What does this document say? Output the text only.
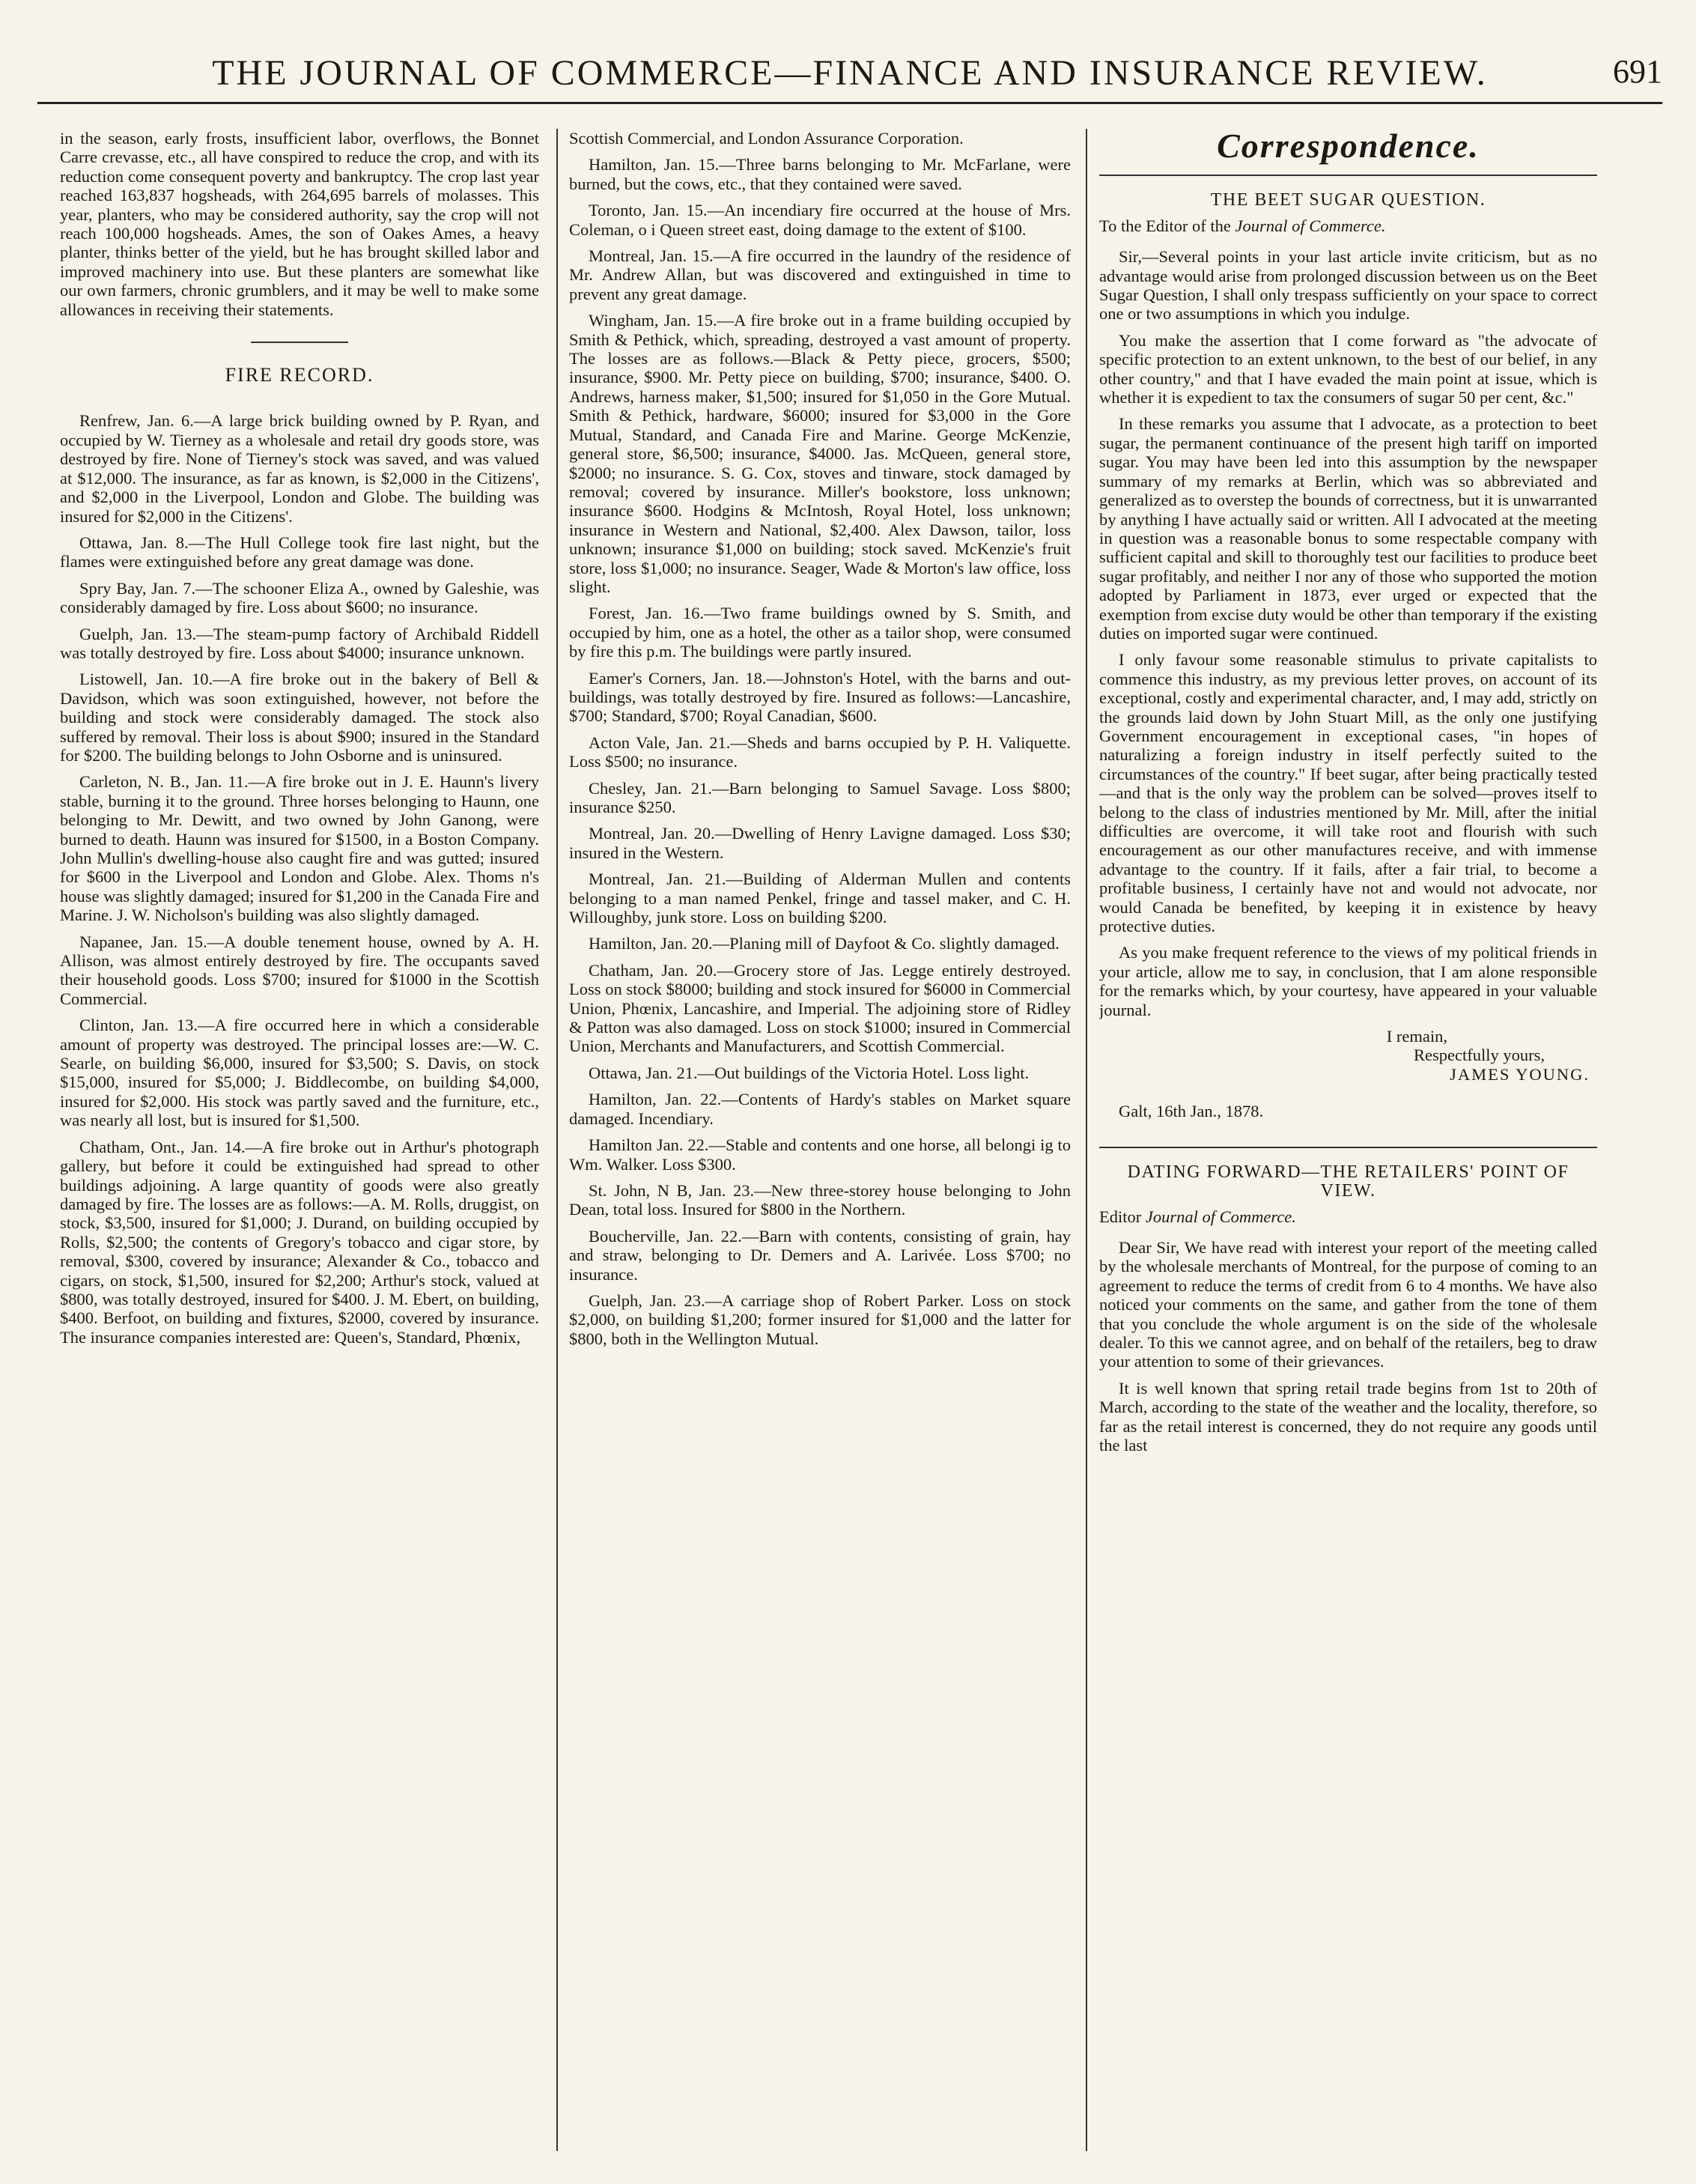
THE JOURNAL OF COMMERCE—FINANCE AND INSURANCE REVIEW.	691

in the season, early frosts, insufficient labor, overflows, the Bonnet Carre crevasse, etc., all have conspired to reduce the crop, and with its reduction come consequent poverty and bankruptcy. The crop last year reached 163,837 hogsheads, with 264,695 barrels of molasses. This year, planters, who may be considered authority, say the crop will not reach 100,000 hogsheads. Ames, the son of Oakes Ames, a heavy planter, thinks better of the yield, but he has brought skilled labor and improved machinery into use. But these planters are somewhat like our own farmers, chronic grumblers, and it may be well to make some allowances in receiving their statements.

FIRE RECORD.

Renfrew, Jan. 6.—A large brick building owned by P. Ryan, and occupied by W. Tierney as a wholesale and retail dry goods store, was destroyed by fire. None of Tierney's stock was saved, and was valued at $12,000. The insurance, as far as known, is $2,000 in the Citizens', and $2,000 in the Liverpool, London and Globe. The building was insured for $2,000 in the Citizens'.

Ottawa, Jan. 8.—The Hull College took fire last night, but the flames were extinguished before any great damage was done.

Spry Bay, Jan. 7.—The schooner Eliza A., owned by Galeshie, was considerably damaged by fire. Loss about $600; no insurance.

Guelph, Jan. 13.—The steam-pump factory of Archibald Riddell was totally destroyed by fire. Loss about $4000; insurance unknown.

Listowell, Jan. 10.—A fire broke out in the bakery of Bell & Davidson, which was soon extinguished, however, not before the building and stock were considerably damaged. The stock also suffered by removal. Their loss is about $900; insured in the Standard for $200. The building belongs to John Osborne and is uninsured.

Carleton, N. B., Jan. 11.—A fire broke out in J. E. Haunn's livery stable, burning it to the ground. Three horses belonging to Haunn, one belonging to Mr. Dewitt, and two owned by John Ganong, were burned to death. Haunn was insured for $1500, in a Boston Company. John Mullin's dwelling-house also caught fire and was gutted; insured for $600 in the Liverpool and London and Globe. Alex. Thoms n's house was slightly damaged; insured for $1,200 in the Canada Fire and Marine. J. W. Nicholson's building was also slightly damaged.

Napanee, Jan. 15.—A double tenement house, owned by A. H. Allison, was almost entirely destroyed by fire. The occupants saved their household goods. Loss $700; insured for $1000 in the Scottish Commercial.

Clinton, Jan. 13.—A fire occurred here in which a considerable amount of property was destroyed. The principal losses are:—W. C. Searle, on building $6,000, insured for $3,500; S. Davis, on stock $15,000, insured for $5,000; J. Biddlecombe, on building $4,000, insured for $2,000. His stock was partly saved and the furniture, etc., was nearly all lost, but is insured for $1,500.

Chatham, Ont., Jan. 14.—A fire broke out in Arthur's photograph gallery, but before it could be extinguished had spread to other buildings adjoining. A large quantity of goods were also greatly damaged by fire. The losses are as follows:—A. M. Rolls, druggist, on stock, $3,500, insured for $1,000; J. Durand, on building occupied by Rolls, $2,500; the contents of Gregory's tobacco and cigar store, by removal, $300, covered by insurance; Alexander & Co., tobacco and cigars, on stock, $1,500, insured for $2,200; Arthur's stock, valued at $800, was totally destroyed, insured for $400. J. M. Ebert, on building, $400. Berfoot, on building and fixtures, $2000, covered by insurance. The insurance companies interested are: Queen's, Standard, Phœnix,

Scottish Commercial, and London Assurance Corporation.

Hamilton, Jan. 15.—Three barns belonging to Mr. McFarlane, were burned, but the cows, etc., that they contained were saved.

Toronto, Jan. 15.—An incendiary fire occurred at the house of Mrs. Coleman, o i Queen street east, doing damage to the extent of $100.

Montreal, Jan. 15.—A fire occurred in the laundry of the residence of Mr. Andrew Allan, but was discovered and extinguished in time to prevent any great damage.

Wingham, Jan. 15.—A fire broke out in a frame building occupied by Smith & Pethick, which, spreading, destroyed a vast amount of property. The losses are as follows.—Black & Petty piece, grocers, $500; insurance, $900. Mr. Petty piece on building, $700; insurance, $400. O. Andrews, harness maker, $1,500; insured for $1,050 in the Gore Mutual. Smith & Pethick, hardware, $6000; insured for $3,000 in the Gore Mutual, Standard, and Canada Fire and Marine. George McKenzie, general store, $6,500; insurance, $4000. Jas. McQueen, general store, $2000; no insurance. S. G. Cox, stoves and tinware, stock damaged by removal; covered by insurance. Miller's bookstore, loss unknown; insurance $600. Hodgins & McIntosh, Royal Hotel, loss unknown; insurance in Western and National, $2,400. Alex Dawson, tailor, loss unknown; insurance $1,000 on building; stock saved. McKenzie's fruit store, loss $1,000; no insurance. Seager, Wade & Morton's law office, loss slight.

Forest, Jan. 16.—Two frame buildings owned by S. Smith, and occupied by him, one as a hotel, the other as a tailor shop, were consumed by fire this p.m. The buildings were partly insured.

Eamer's Corners, Jan. 18.—Johnston's Hotel, with the barns and out-buildings, was totally destroyed by fire. Insured as follows:—Lancashire, $700; Standard, $700; Royal Canadian, $600.

Acton Vale, Jan. 21.—Sheds and barns occupied by P. H. Valiquette. Loss $500; no insurance.

Chesley, Jan. 21.—Barn belonging to Samuel Savage. Loss $800; insurance $250.

Montreal, Jan. 20.—Dwelling of Henry Lavigne damaged. Loss $30; insured in the Western.

Montreal, Jan. 21.—Building of Alderman Mullen and contents belonging to a man named Penkel, fringe and tassel maker, and C. H. Willoughby, junk store. Loss on building $200.

Hamilton, Jan. 20.—Planing mill of Dayfoot & Co. slightly damaged.

Chatham, Jan. 20.—Grocery store of Jas. Legge entirely destroyed. Loss on stock $8000; building and stock insured for $6000 in Commercial Union, Phœnix, Lancashire, and Imperial. The adjoining store of Ridley & Patton was also damaged. Loss on stock $1000; insured in Commercial Union, Merchants and Manufacturers, and Scottish Commercial.

Ottawa, Jan. 21.—Out buildings of the Victoria Hotel. Loss light.

Hamilton, Jan. 22.—Contents of Hardy's stables on Market square damaged. Incendiary.

Hamilton Jan. 22.—Stable and contents and one horse, all belongi ig to Wm. Walker. Loss $300.

St. John, N B, Jan. 23.—New three-storey house belonging to John Dean, total loss. Insured for $800 in the Northern.

Boucherville, Jan. 22.—Barn with contents, consisting of grain, hay and straw, belonging to Dr. Demers and A. Larivée. Loss $700; no insurance.

Guelph, Jan. 23.—A carriage shop of Robert Parker. Loss on stock $2,000, on building $1,200; former insured for $1,000 and the latter for $800, both in the Wellington Mutual.

Correspondence.
THE BEET SUGAR QUESTION.

To the Editor of the Journal of Commerce.

Sir,—Several points in your last article invite criticism, but as no advantage would arise from prolonged discussion between us on the Beet Sugar Question, I shall only trespass sufficiently on your space to correct one or two assumptions in which you indulge.

You make the assertion that I come forward as "the advocate of specific protection to an extent unknown, to the best of our belief, in any other country," and that I have evaded the main point at issue, which is whether it is expedient to tax the consumers of sugar 50 per cent, &c."

In these remarks you assume that I advocate, as a protection to beet sugar, the permanent continuance of the present high tariff on imported sugar. You may have been led into this assumption by the newspaper summary of my remarks at Berlin, which was so abbreviated and generalized as to overstep the bounds of correctness, but it is unwarranted by anything I have actually said or written. All I advocated at the meeting in question was a reasonable bonus to some respectable company with sufficient capital and skill to thoroughly test our facilities to produce beet sugar profitably, and neither I nor any of those who supported the motion adopted by Parliament in 1873, ever urged or expected that the exemption from excise duty would be other than temporary if the existing duties on imported sugar were continued.

I only favour some reasonable stimulus to private capitalists to commence this industry, as my previous letter proves, on account of its exceptional, costly and experimental character, and, I may add, strictly on the grounds laid down by John Stuart Mill, as the only one justifying Government encouragement in exceptional cases, "in hopes of naturalizing a foreign industry in itself perfectly suited to the circumstances of the country." If beet sugar, after being practically tested—and that is the only way the problem can be solved—proves itself to belong to the class of industries mentioned by Mr. Mill, after the initial difficulties are overcome, it will take root and flourish with such encouragement as our other manufactures receive, and with immense advantage to the country. If it fails, after a fair trial, to become a profitable business, I certainly have not and would not advocate, nor would Canada be benefited, by keeping it in existence by heavy protective duties.

As you make frequent reference to the views of my political friends in your article, allow me to say, in conclusion, that I am alone responsible for the remarks which, by your courtesy, have appeared in your valuable journal.

I remain,

Respectfully yours,

JAMES YOUNG.

Galt, 16th Jan., 1878.

DATING FORWARD—THE RETAILERS' POINT OF VIEW.

Editor Journal of Commerce.

Dear Sir, We have read with interest your report of the meeting called by the wholesale merchants of Montreal, for the purpose of coming to an agreement to reduce the terms of credit from 6 to 4 months. We have also noticed your comments on the same, and gather from the tone of them that you conclude the whole argument is on the side of the wholesale dealer. To this we cannot agree, and on behalf of the retailers, beg to draw your attention to some of their grievances.

It is well known that spring retail trade begins from 1st to 20th of March, according to the state of the weather and the locality, therefore, so far as the retail interest is concerned, they do not require any goods until the last
